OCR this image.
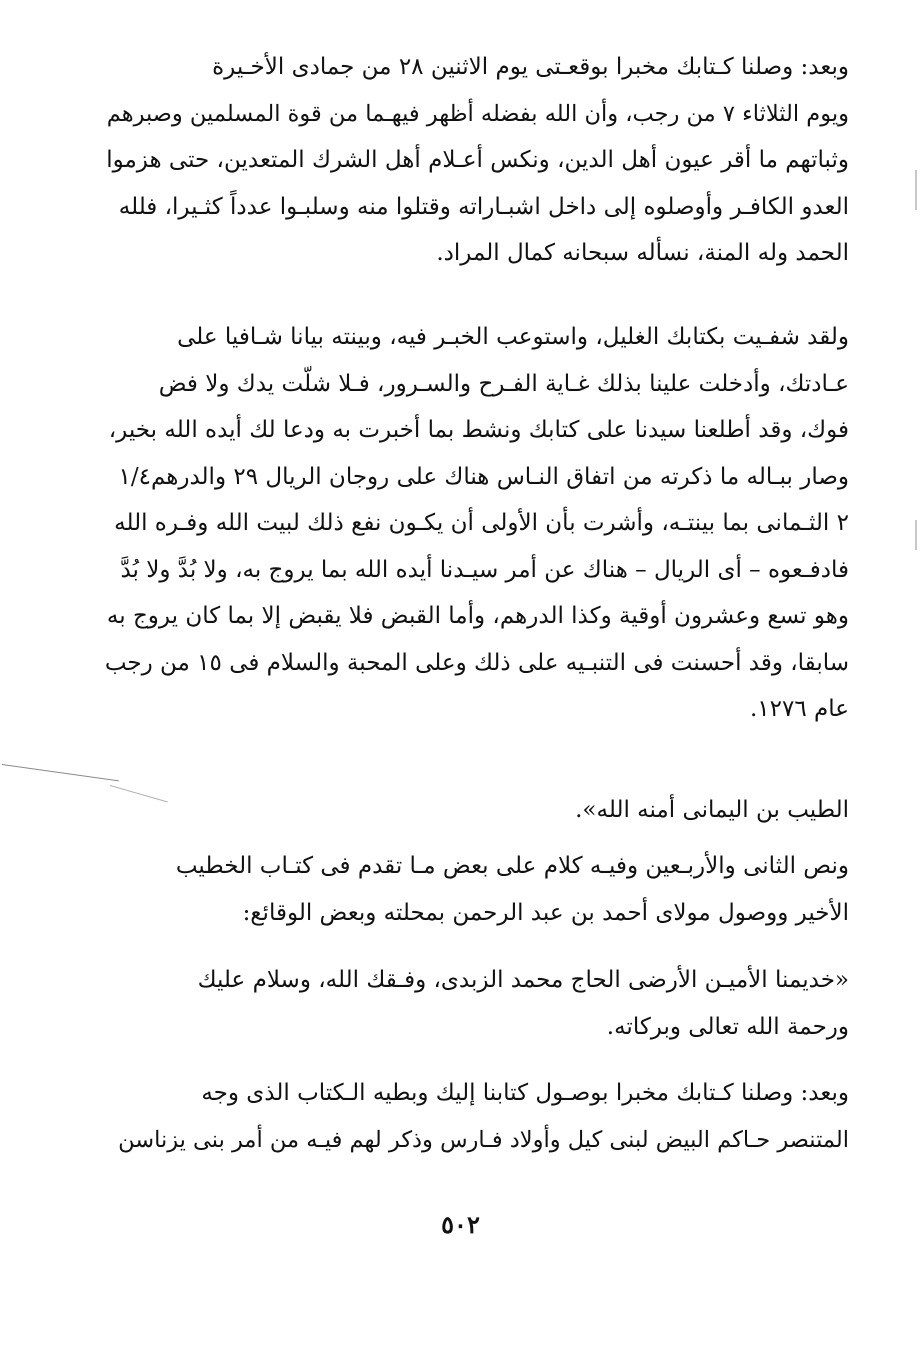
وبعد: وصلنا كـتابك مخبرا بوقعـتى يوم الاثنين ٢٨ من جمادى الأخـيرة
ويوم الثلاثاء ٧ من رجب، وأن الله بفضله أظهر فيهـما من قوة المسلمين وصبرهم
وثباتهم ما أقر عيون أهل الدين، ونكس أعـلام أهل الشرك المتعدين، حتى هزموا
العدو الكافـر وأوصلوه إلى داخل اشبـاراته وقتلوا منه وسلبـوا عدداً كثـيرا، فلله
الحمد وله المنة، نسأله سبحانه كمال المراد.

ولقد شفـيت بكتابك الغليل، واستوعب الخبـر فيه، وبينته بيانا شـافيا على
عـادتك، وأدخلت علينا بذلك غـاية الفـرح والسـرور، فـلا شلّت يدك ولا فض
فوك، وقد أطلعنا سيدنا على كتابك ونشط بما أخبرت به ودعا لك أيده الله بخير،
وصار ببـاله ما ذكرته من اتفاق النـاس هناك على روجان الريال ٢٩ والدرهم١/٤
٢ الثـمانى بما بينتـه، وأشرت بأن الأولى أن يكـون نفع ذلك لبيت الله وفـره الله
فادفـعوه – أى الريال – هناك عن أمر سيـدنا أيده الله بما يروج به، ولا بُدَّ ولا بُدَّ
وهو تسع وعشرون أوقية وكذا الدرهم، وأما القبض فلا يقبض إلا بما كان يروج به
سابقا، وقد أحسنت فى التنبـيه على ذلك وعلى المحبة والسلام فى ١٥ من رجب
عام ١٢٧٦.

الطيب بن اليمانى أمنه الله».

ونص الثانى والأربـعين وفيـه كلام على بعض مـا تقدم فى كتـاب الخطيب
الأخير ووصول مولاى أحمد بن عبد الرحمن بمحلته وبعض الوقائع:

«خديمنا الأميـن الأرضى الحاج محمد الزبدى، وفـقك الله، وسلام عليك
ورحمة الله تعالى وبركاته.

وبعد: وصلنا كـتابك مخبرا بوصـول كتابنا إليك وبطيه الـكتاب الذى وجه
المتنصر حـاكم البيض لبنى كيل وأولاد فـارس وذكر لهم فيـه من أمر بنى يزناسن

٥٠٢
